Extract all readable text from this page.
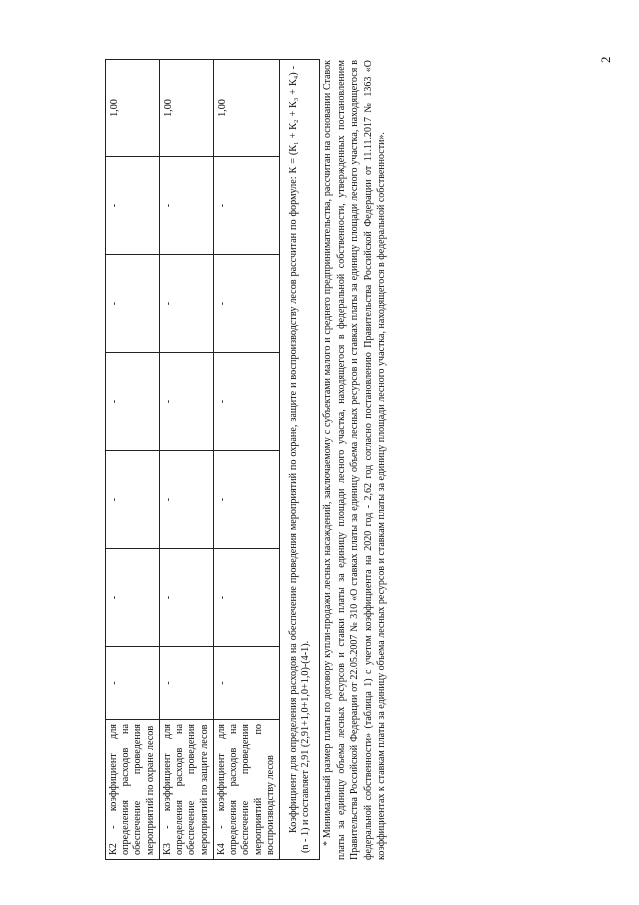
2
К2 - коэффициент для определения расходов на обеспечение проведения мероприятий по охране лесов	-	-	-	-	-	-	1,00
К3 - коэффициент для определения расходов на обеспечение проведения мероприятий по защите лесов	-	-	-	-	-	-	1,00
К4 - коэффициент для определения расходов на обеспечение проведения мероприятий по воспроизводству лесов	-	-	-	-	-	-	1,00
Коэффициент для определения расходов на обеспечение проведения мероприятий по охране, защите и воспроизводству лесов рассчитан по формуле: К = (К₁ + К₂ + К₃ + К₄) - (n - 1) и составляет 2,91 (2,91+1,0+1,0+1,0)-(4-1).							* Минимальный размер платы по договору купли-продажи лесных насаждений, заключаемому с субъектами малого и среднего предпринимательства, рассчитан на основании Ставок платы за единицу объема лесных ресурсов и ставки платы за единицу площади лесного участка, находящегося в федеральной собственности, утвержденных постановлением Правительства Российской Федерации от 22.05.2007 № 310 «О ставках платы за единицу объема лесных ресурсов и ставках платы за единицу площади лесного участка, находящегося в федеральной собственности» (таблица 1) с учетом коэффициента на 2020 год - 2,62 год согласно постановлению Правительства Российской Федерации от 11.11.2017 № 1363 «О коэффициентах к ставкам платы за единицу объема лесных ресурсов и ставкам платы за единицу площади лесного участка, находящегося в федеральной собственности».
